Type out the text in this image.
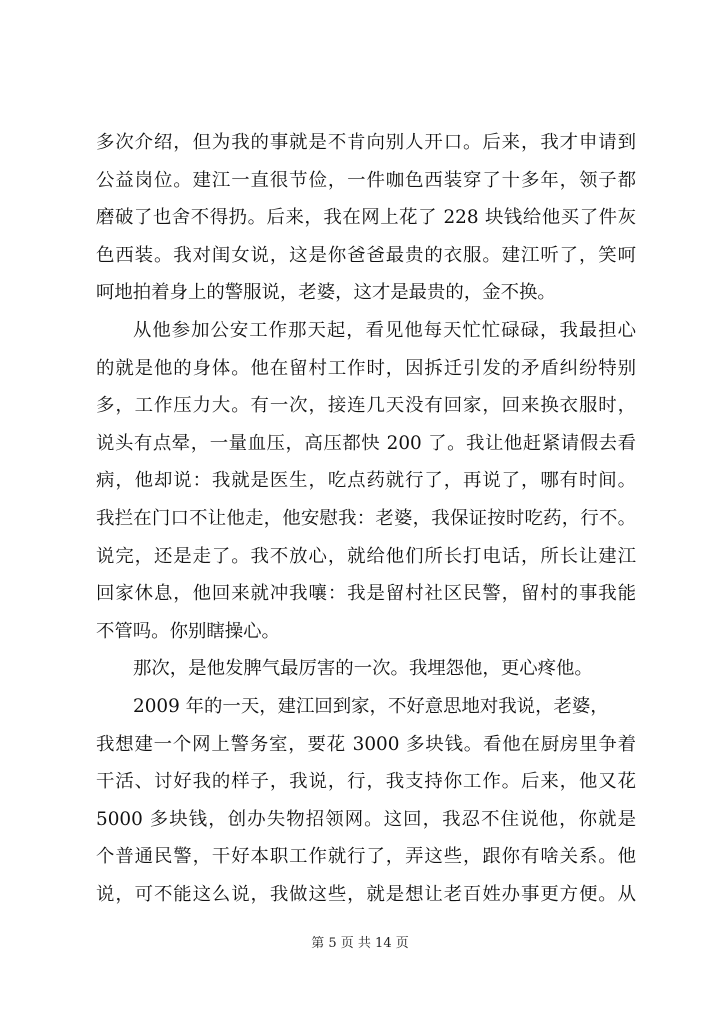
多次介绍，但为我的事就是不肯向别人开口。后来，我才申请到
公益岗位。建江一直很节俭，一件咖色西装穿了十多年，领子都
磨破了也舍不得扔。后来，我在网上花了 228 块钱给他买了件灰
色西装。我对闺女说，这是你爸爸最贵的衣服。建江听了，笑呵
呵地拍着身上的警服说，老婆，这才是最贵的，金不换。
从他参加公安工作那天起，看见他每天忙忙碌碌，我最担心
的就是他的身体。他在留村工作时，因拆迁引发的矛盾纠纷特别
多，工作压力大。有一次，接连几天没有回家，回来换衣服时，
说头有点晕，一量血压，高压都快 200 了。我让他赶紧请假去看
病，他却说：我就是医生，吃点药就行了，再说了，哪有时间。
我拦在门口不让他走，他安慰我：老婆，我保证按时吃药，行不。
说完，还是走了。我不放心，就给他们所长打电话，所长让建江
回家休息，他回来就冲我嚷：我是留村社区民警，留村的事我能
不管吗。你别瞎操心。
那次，是他发脾气最厉害的一次。我埋怨他，更心疼他。
2009 年的一天，建江回到家，不好意思地对我说，老婆，
我想建一个网上警务室，要花 3000 多块钱。看他在厨房里争着
干活、讨好我的样子，我说，行，我支持你工作。后来，他又花
5000 多块钱，创办失物招领网。这回，我忍不住说他，你就是
个普通民警，干好本职工作就行了，弄这些，跟你有啥关系。他
说，可不能这么说，我做这些，就是想让老百姓办事更方便。从
第 5 页 共 14 页
